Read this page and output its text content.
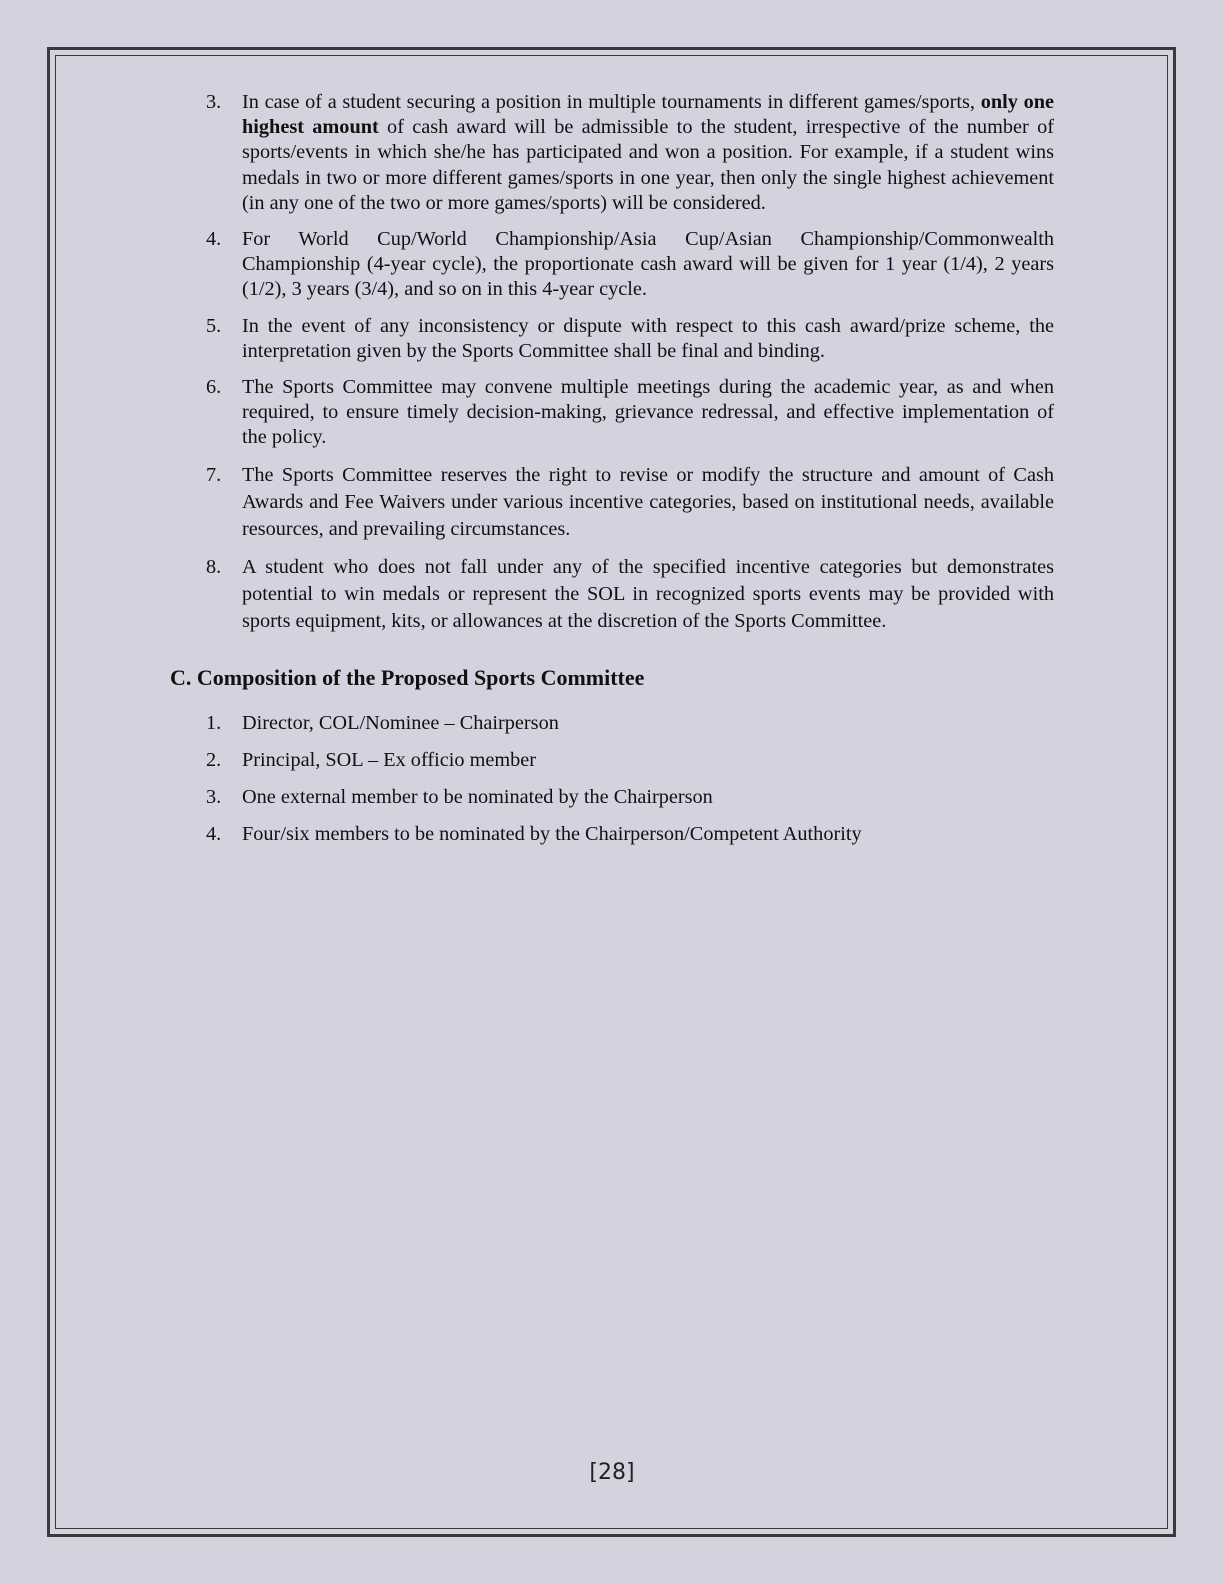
3. In case of a student securing a position in multiple tournaments in different games/sports, only one highest amount of cash award will be admissible to the student, irrespective of the number of sports/events in which she/he has participated and won a position. For example, if a student wins medals in two or more different games/sports in one year, then only the single highest achievement (in any one of the two or more games/sports) will be considered.
4. For World Cup/World Championship/Asia Cup/Asian Championship/Commonwealth Championship (4-year cycle), the proportionate cash award will be given for 1 year (1/4), 2 years (1/2), 3 years (3/4), and so on in this 4-year cycle.
5. In the event of any inconsistency or dispute with respect to this cash award/prize scheme, the interpretation given by the Sports Committee shall be final and binding.
6. The Sports Committee may convene multiple meetings during the academic year, as and when required, to ensure timely decision-making, grievance redressal, and effective implementation of the policy.
7. The Sports Committee reserves the right to revise or modify the structure and amount of Cash Awards and Fee Waivers under various incentive categories, based on institutional needs, available resources, and prevailing circumstances.
8. A student who does not fall under any of the specified incentive categories but demonstrates potential to win medals or represent the SOL in recognized sports events may be provided with sports equipment, kits, or allowances at the discretion of the Sports Committee.
C. Composition of the Proposed Sports Committee
1. Director, COL/Nominee – Chairperson
2. Principal, SOL – Ex officio member
3. One external member to be nominated by the Chairperson
4. Four/six members to be nominated by the Chairperson/Competent Authority
[28]
